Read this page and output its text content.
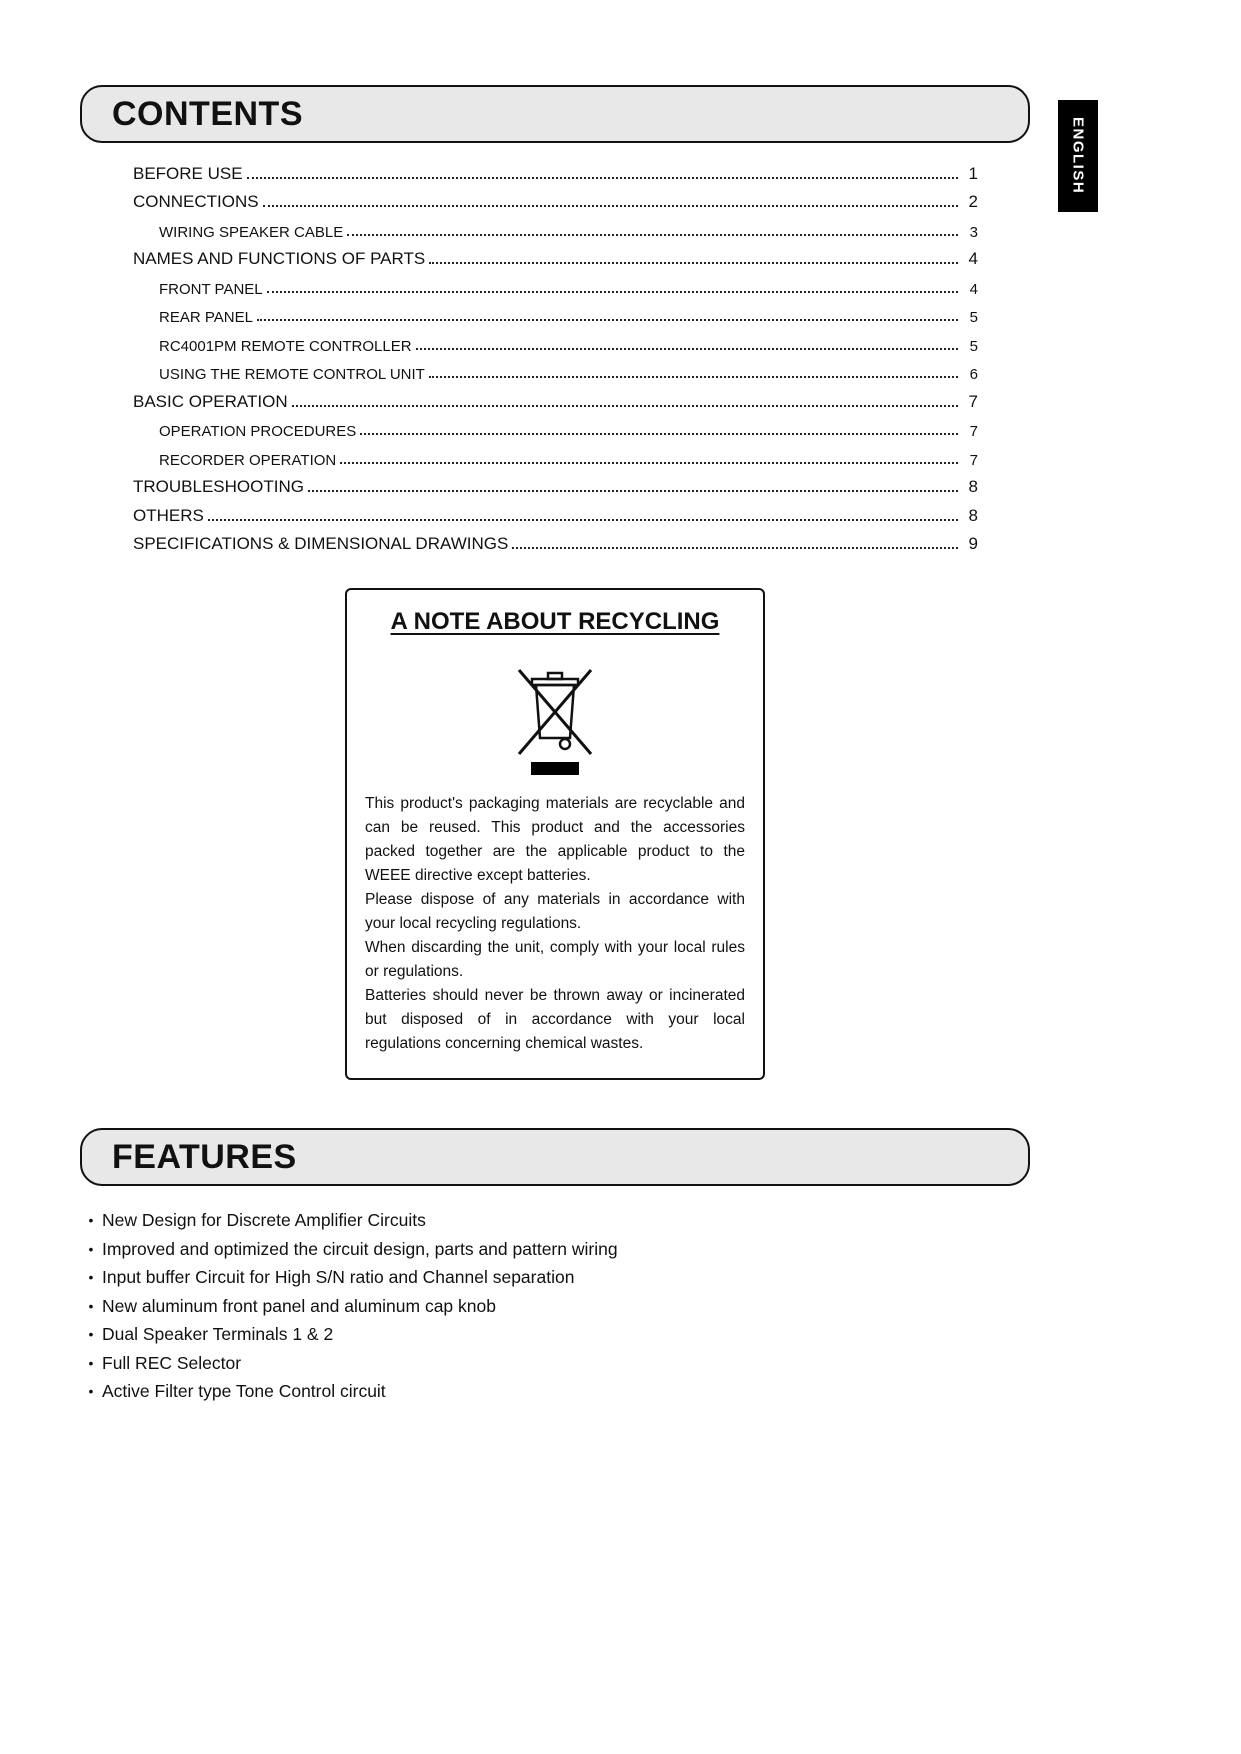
CONTENTS
ENGLISH
BEFORE USE	1
CONNECTIONS	2
WIRING SPEAKER CABLE	3
NAMES AND FUNCTIONS OF PARTS	4
FRONT PANEL	4
REAR PANEL	5
RC4001PM REMOTE CONTROLLER	5
USING THE REMOTE CONTROL UNIT	6
BASIC OPERATION	7
OPERATION PROCEDURES	7
RECORDER OPERATION	7
TROUBLESHOOTING	8
OTHERS	8
SPECIFICATIONS & DIMENSIONAL DRAWINGS	9
A NOTE ABOUT RECYCLING

This product's packaging materials are recyclable and can be reused. This product and the accessories packed together are the applicable product to the WEEE directive except batteries.

Please dispose of any materials in accordance with your local recycling regulations.

When discarding the unit, comply with your local rules or regulations.

Batteries should never be thrown away or incinerated but disposed of in accordance with your local regulations concerning chemical wastes.

FEATURES
• New Design for Discrete Amplifier Circuits
• Improved and optimized the circuit design, parts and pattern wiring
• Input buffer Circuit for High S/N ratio and Channel separation
• New aluminum front panel and aluminum cap knob
• Dual Speaker Terminals 1 & 2
• Full REC Selector
• Active Filter type Tone Control circuit
